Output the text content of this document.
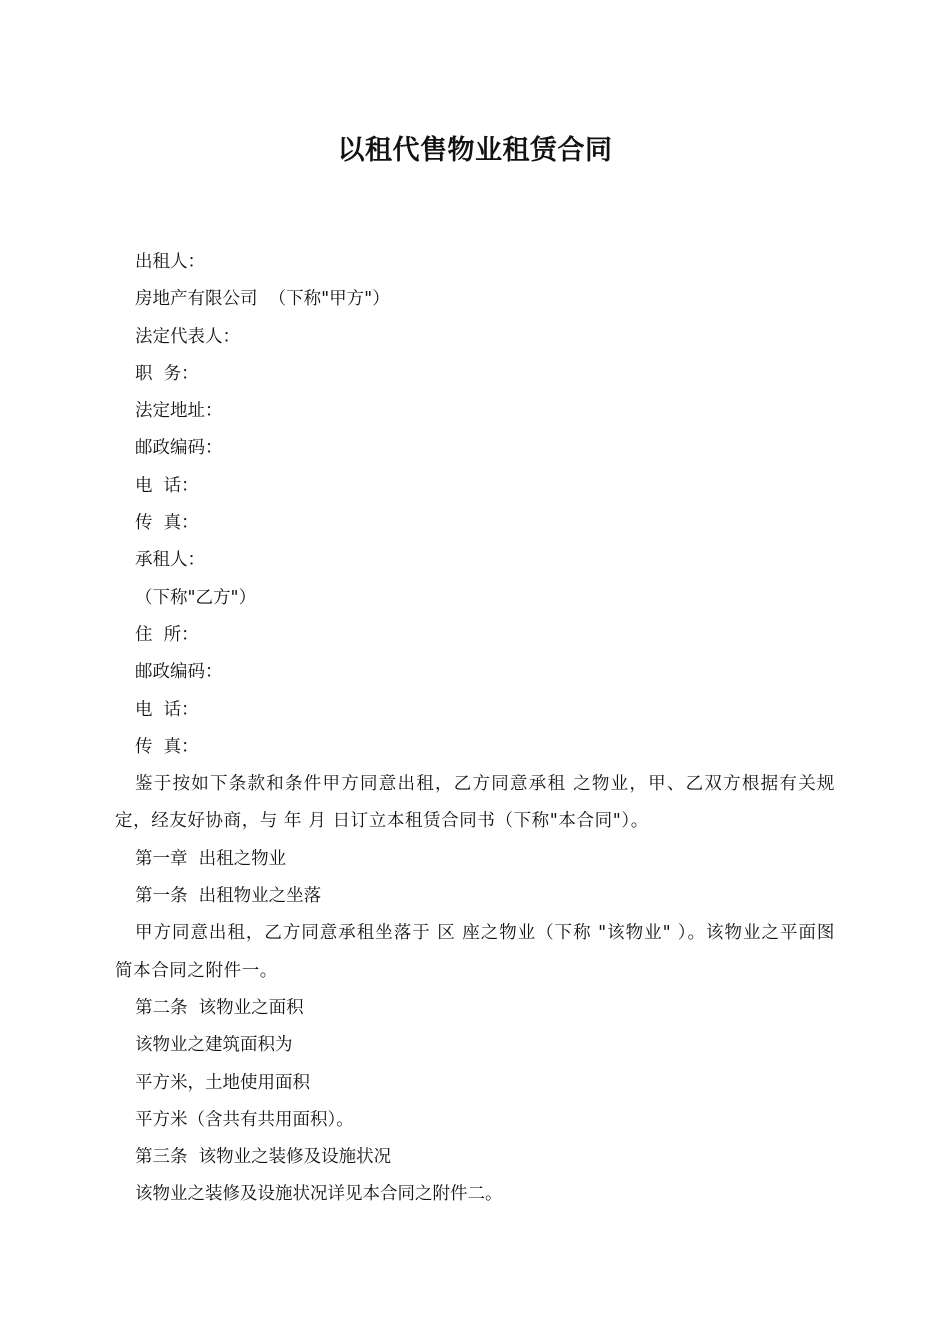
以租代售物业租赁合同
出租人：
房地产有限公司  （下称"甲方"）
法定代表人：
职  务：
法定地址：
邮政编码：
电  话：
传  真：
承租人：
（下称"乙方"）
住  所：
邮政编码：
电  话：
传  真：

鉴于按如下条款和条件甲方同意出租，乙方同意承租 之物业，甲、乙双方根据有关规定，经友好协商，与 年 月 日订立本租赁合同书（下称"本合同"）。

第一章  出租之物业
第一条  出租物业之坐落

甲方同意出租，乙方同意承租坐落于 区 座之物业（下称 "该物业" ）。该物业之平面图简本合同之附件一。

第二条  该物业之面积
该物业之建筑面积为
平方米，土地使用面积
平方米（含共有共用面积）。
第三条  该物业之装修及设施状况
该物业之装修及设施状况详见本合同之附件二。
